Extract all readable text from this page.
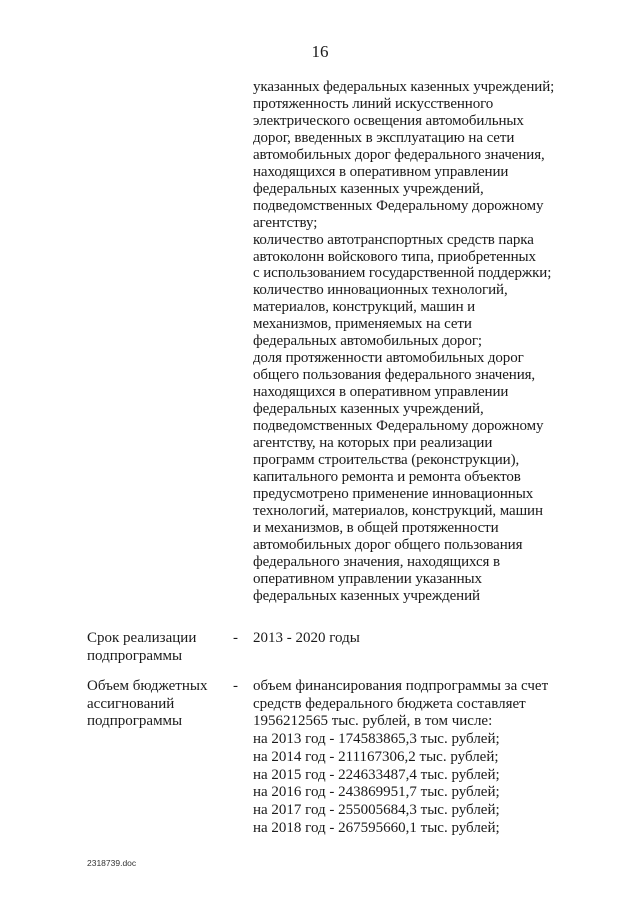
16
указанных федеральных казенных учреждений;
протяженность линий искусственного
электрического освещения автомобильных
дорог, введенных в эксплуатацию на сети
автомобильных дорог федерального значения,
находящихся в оперативном управлении
федеральных казенных учреждений,
подведомственных Федеральному дорожному
агентству;
количество автотранспортных средств парка
автоколонн войскового типа, приобретенных
с использованием государственной поддержки;
количество инновационных технологий,
материалов, конструкций, машин и
механизмов, применяемых на сети
федеральных автомобильных дорог;
доля протяженности автомобильных дорог
общего пользования федерального значения,
находящихся в оперативном управлении
федеральных казенных учреждений,
подведомственных Федеральному дорожному
агентству, на которых при реализации
программ строительства (реконструкции),
капитального ремонта и ремонта объектов
предусмотрено применение инновационных
технологий, материалов, конструкций, машин
и механизмов, в общей протяженности
автомобильных дорог общего пользования
федерального значения, находящихся в
оперативном управлении указанных
федеральных казенных учреждений
Срок реализации
подпрограммы
- 2013 - 2020 годы
Объем бюджетных
ассигнований
подпрограммы
- объем финансирования подпрограммы за счет
средств федерального бюджета составляет
1956212565 тыс. рублей, в том числе:
на 2013 год - 174583865,3 тыс. рублей;
на 2014 год - 211167306,2 тыс. рублей;
на 2015 год - 224633487,4 тыс. рублей;
на 2016 год - 243869951,7 тыс. рублей;
на 2017 год - 255005684,3 тыс. рублей;
на 2018 год - 267595660,1 тыс. рублей;
2318739.doc
